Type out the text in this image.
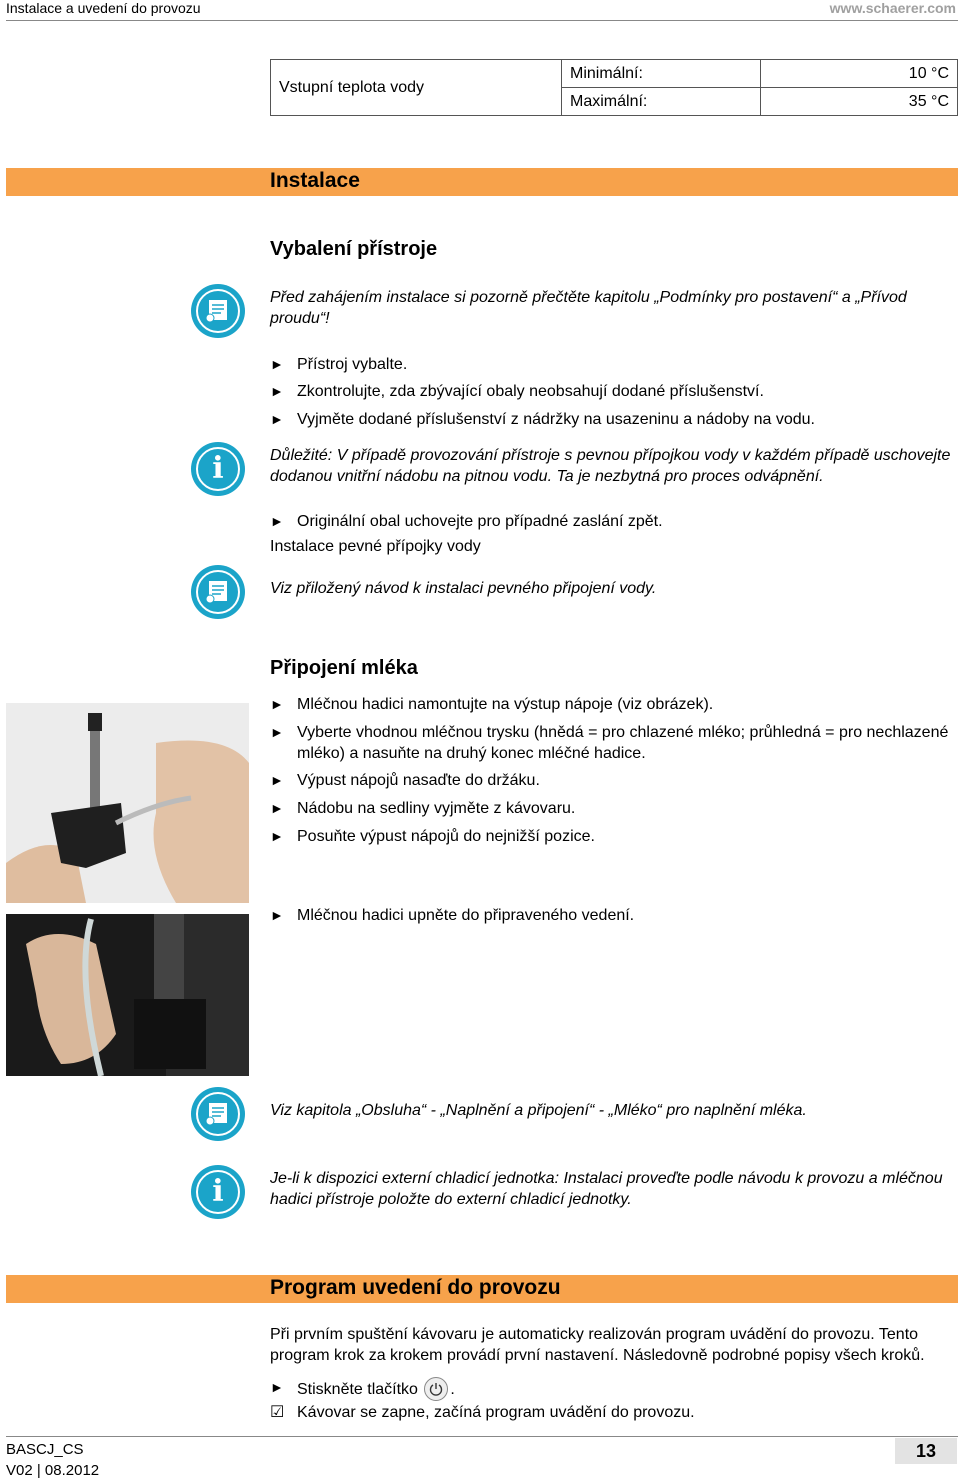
Instalace a uvedení do provozu	www.schaerer.com
Vstupní teplota vody	Minimální:	10 °C
	Maximální:	35 °C
Instalace
Vybalení přístroje
Před zahájením instalace si pozorně přečtěte kapitolu „Podmínky pro postavení“ a „Přívod proudu“!
► Přístroj vybalte.
► Zkontrolujte, zda zbývající obaly neobsahují dodané příslušenství.
► Vyjměte dodané příslušenství z nádržky na usazeninu a nádoby na vodu.
i	Důležité: V případě provozování přístroje s pevnou přípojkou vody v každém případě uschovejte dodanou vnitřní nádobu na pitnou vodu. Ta je nezbytná pro proces odvápnění.
► Originální obal uchovejte pro případné zaslání zpět.
Instalace pevné přípojky vody
Viz přiložený návod k instalaci pevného připojení vody.
Připojení mléka
► Mléčnou hadici namontujte na výstup nápoje (viz obrázek).
► Vyberte vhodnou mléčnou trysku (hnědá = pro chlazené mléko; průhledná = pro nechlazené mléko) a nasuňte na druhý konec mléčné hadice.
► Výpust nápojů nasaďte do držáku.
► Nádobu na sedliny vyjměte z kávovaru.
► Posuňte výpust nápojů do nejnižší pozice.
► Mléčnou hadici upněte do připraveného vedení.
Viz kapitola „Obsluha“ - „Naplnění a připojení“ - „Mléko“ pro naplnění mléka.
i	Je-li k dispozici externí chladicí jednotka: Instalaci proveďte podle návodu k provozu a mléčnou hadici přístroje položte do externí chladicí jednotky.
Program uvedení do provozu
Při prvním spuštění kávovaru je automaticky realizován program uvádění do provozu. Tento program krok za krokem provádí první nastavení. Následovně podrobné popisy všech kroků.
► Stiskněte tlačítko .
☑ Kávovar se zapne, začíná program uvádění do provozu.
BASCJ_CS
V02 | 08.2012
13
